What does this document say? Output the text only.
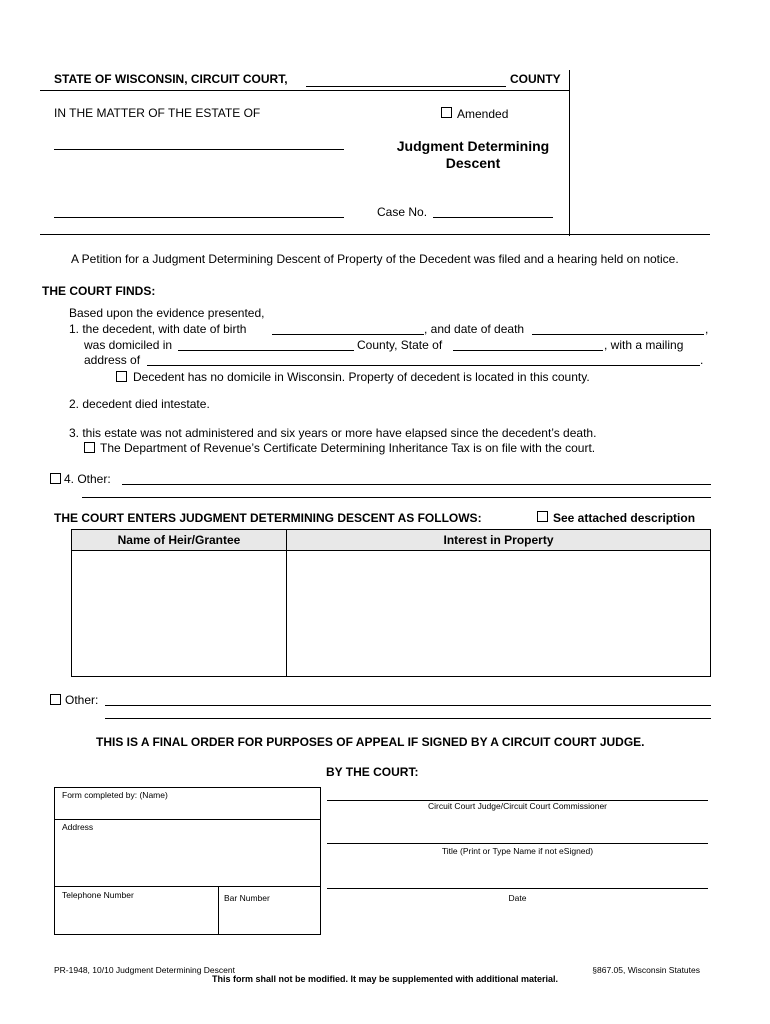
STATE OF WISCONSIN, CIRCUIT COURT,	COUNTY
IN THE MATTER OF THE ESTATE OF	Amended
Judgment Determining
Descent
Case No.
A Petition for a Judgment Determining Descent of Property of the Decedent was filed and a hearing held on notice.
THE COURT FINDS:
Based upon the evidence presented,
1. the decedent, with date of birth	, and date of death	,
was domiciled in	County, State of	, with a mailing
address of	.
Decedent has no domicile in Wisconsin. Property of decedent is located in this county.
2. decedent died intestate.
3. this estate was not administered and six years or more have elapsed since the decedent’s death.
The Department of Revenue’s Certificate Determining Inheritance Tax is on file with the court.
4. Other:
THE COURT ENTERS JUDGMENT DETERMINING DESCENT AS FOLLOWS:	See attached description
Name of Heir/Grantee	Interest in Property
Other:
THIS IS A FINAL ORDER FOR PURPOSES OF APPEAL IF SIGNED BY A CIRCUIT COURT JUDGE.
BY THE COURT:
Form completed by: (Name)
Address
Telephone Number	Bar Number
Circuit Court Judge/Circuit Court Commissioner
Title (Print or Type Name if not eSigned)
Date
PR-1948, 10/10 Judgment Determining Descent	§867.05, Wisconsin Statutes
This form shall not be modified. It may be supplemented with additional material.
